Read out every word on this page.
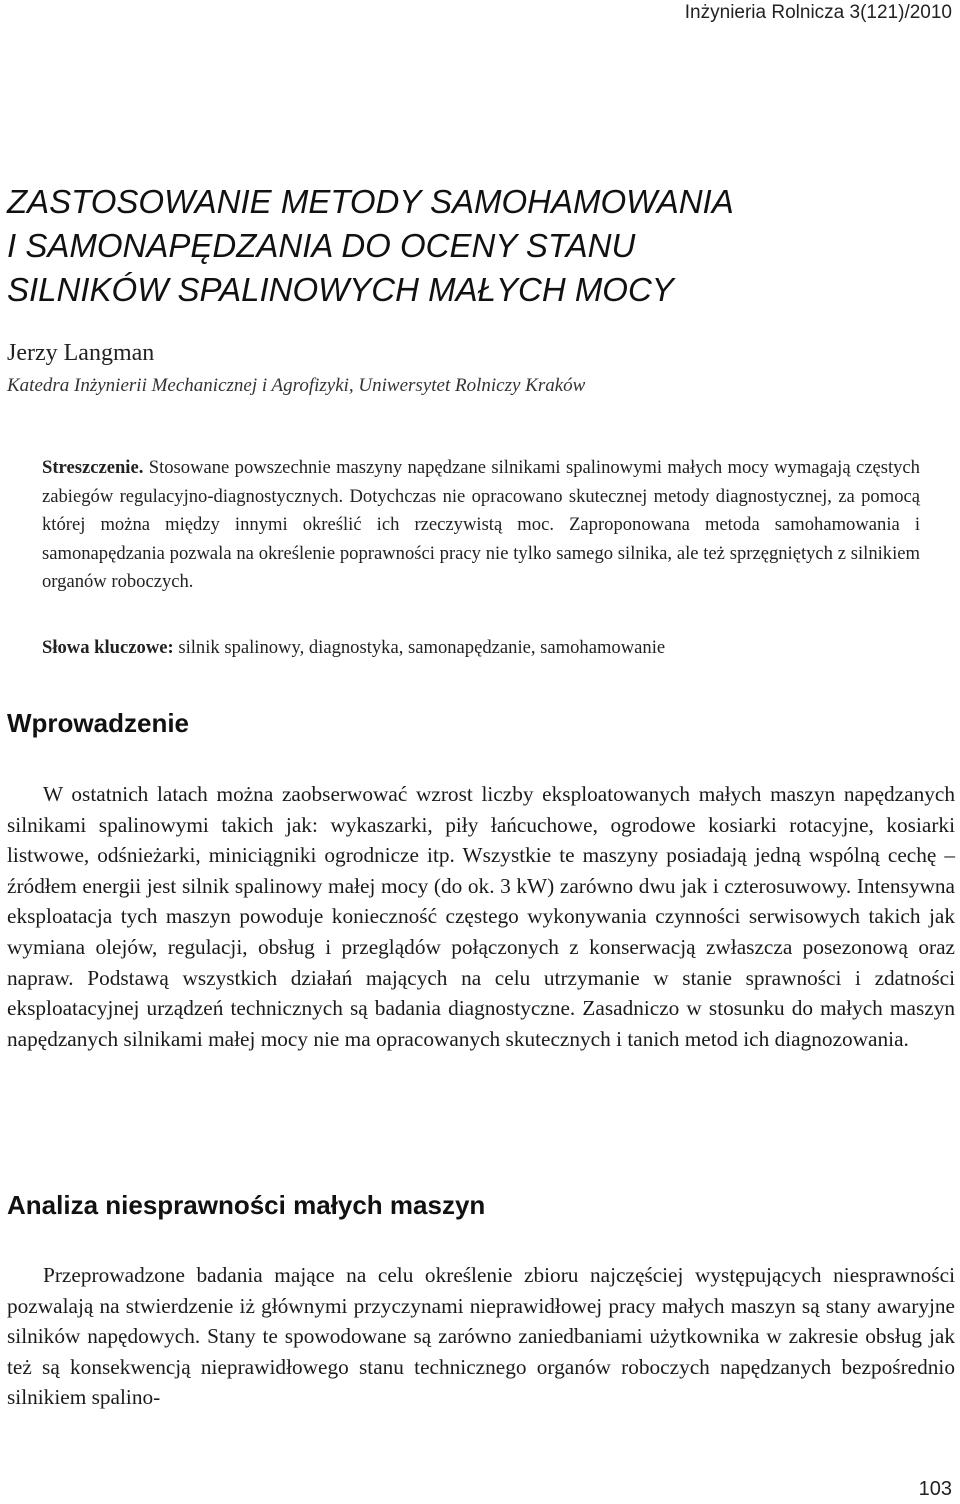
Inżynieria Rolnicza 3(121)/2010
ZASTOSOWANIE METODY SAMOHAMOWANIA
I SAMONAPĘDZANIA DO OCENY STANU
SILNIKÓW SPALINOWYCH MAŁYCH MOCY
Jerzy Langman
Katedra Inżynierii Mechanicznej i Agrofizyki, Uniwersytet Rolniczy Kraków

Streszczenie. Stosowane powszechnie maszyny napędzane silnikami spalinowymi małych mocy wymagają częstych zabiegów regulacyjno-diagnostycznych. Dotychczas nie opracowano skutecznej metody diagnostycznej, za pomocą której można między innymi określić ich rzeczywistą moc. Zaproponowana metoda samohamowania i samonapędzania pozwala na określenie poprawności pracy nie tylko samego silnika, ale też sprzęgniętych z silnikiem organów roboczych.

Słowa kluczowe: silnik spalinowy, diagnostyka, samonapędzanie, samohamowanie
Wprowadzenie

W ostatnich latach można zaobserwować wzrost liczby eksploatowanych małych maszyn napędzanych silnikami spalinowymi takich jak: wykaszarki, piły łańcuchowe, ogrodowe kosiarki rotacyjne, kosiarki listwowe, odśnieżarki, miniciągniki ogrodnicze itp. Wszystkie te maszyny posiadają jedną wspólną cechę – źródłem energii jest silnik spalinowy małej mocy (do ok. 3 kW) zarówno dwu jak i czterosuwowy. Intensywna eksploatacja tych maszyn powoduje konieczność częstego wykonywania czynności serwisowych takich jak wymiana olejów, regulacji, obsług i przeglądów połączonych z konserwacją zwłaszcza posezonową oraz napraw. Podstawą wszystkich działań mających na celu utrzymanie w stanie sprawności i zdatności eksploatacyjnej urządzeń technicznych są badania diagnostyczne. Zasadniczo w stosunku do małych maszyn napędzanych silnikami małej mocy nie ma opracowanych skutecznych i tanich metod ich diagnozowania.

Analiza niesprawności małych maszyn

Przeprowadzone badania mające na celu określenie zbioru najczęściej występujących niesprawności pozwalają na stwierdzenie iż głównymi przyczynami nieprawidłowej pracy małych maszyn są stany awaryjne silników napędowych. Stany te spowodowane są zarówno zaniedbaniami użytkownika w zakresie obsług jak też są konsekwencją nieprawidłowego stanu technicznego organów roboczych napędzanych bezpośrednio silnikiem spalino-

103
